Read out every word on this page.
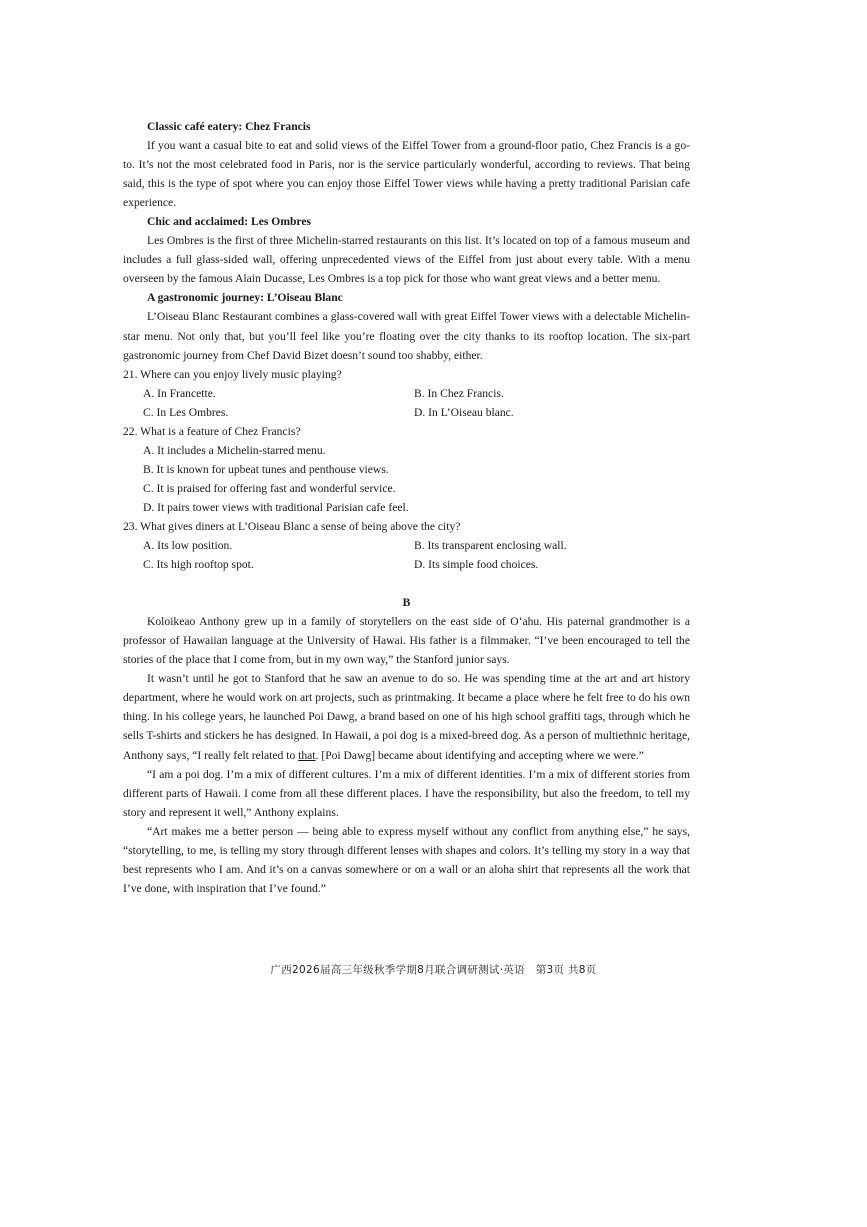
Classic café eatery: Chez Francis

If you want a casual bite to eat and solid views of the Eiffel Tower from a ground-floor patio, Chez Francis is a go-to. It’s not the most celebrated food in Paris, nor is the service particularly wonderful, according to reviews. That being said, this is the type of spot where you can enjoy those Eiffel Tower views while having a pretty traditional Parisian cafe experience.

Chic and acclaimed: Les Ombres

Les Ombres is the first of three Michelin-starred restaurants on this list. It’s located on top of a famous museum and includes a full glass-sided wall, offering unprecedented views of the Eiffel from just about every table. With a menu overseen by the famous Alain Ducasse, Les Ombres is a top pick for those who want great views and a better menu.

A gastronomic journey: L’Oiseau Blanc

L’Oiseau Blanc Restaurant combines a glass-covered wall with great Eiffel Tower views with a delectable Michelin-star menu. Not only that, but you’ll feel like you’re floating over the city thanks to its rooftop location. The six-part gastronomic journey from Chef David Bizet doesn’t sound too shabby, either.

21. Where can you enjoy lively music playing?

A. In Francette.	B. In Chez Francis.
C. In Les Ombres.	D. In L’Oiseau blanc.

22. What is a feature of Chez Francis?

A. It includes a Michelin-starred menu.
B. It is known for upbeat tunes and penthouse views.
C. It is praised for offering fast and wonderful service.
D. It pairs tower views with traditional Parisian cafe feel.

23. What gives diners at L’Oiseau Blanc a sense of being above the city?

A. Its low position.	B. Its transparent enclosing wall.
C. Its high rooftop spot.	D. Its simple food choices.

B

Koloikeao Anthony grew up in a family of storytellers on the east side of O‘ahu. His paternal grandmother is a professor of Hawaiian language at the University of Hawai. His father is a filmmaker. “I’ve been encouraged to tell the stories of the place that I come from, but in my own way,” the Stanford junior says.

It wasn’t until he got to Stanford that he saw an avenue to do so. He was spending time at the art and art history department, where he would work on art projects, such as printmaking. It became a place where he felt free to do his own thing. In his college years, he launched Poi Dawg, a brand based on one of his high school graffiti tags, through which he sells T-shirts and stickers he has designed. In Hawaii, a poi dog is a mixed-breed dog. As a person of multiethnic heritage, Anthony says, “I really felt related to that. [Poi Dawg] became about identifying and accepting where we were.”

“I am a poi dog. I’m a mix of different cultures. I’m a mix of different identities. I’m a mix of different stories from different parts of Hawaii. I come from all these different places. I have the responsibility, but also the freedom, to tell my story and represent it well,” Anthony explains.

“Art makes me a better person — being able to express myself without any conflict from anything else,” he says, “storytelling, to me, is telling my story through different lenses with shapes and colors. It’s telling my story in a way that best represents who I am. And it’s on a canvas somewhere or on a wall or an aloha shirt that represents all the work that I’ve done, with inspiration that I’ve found.”

广西2026届高三年级秋季学期8月联合调研测试·英语　第3页 共8页
